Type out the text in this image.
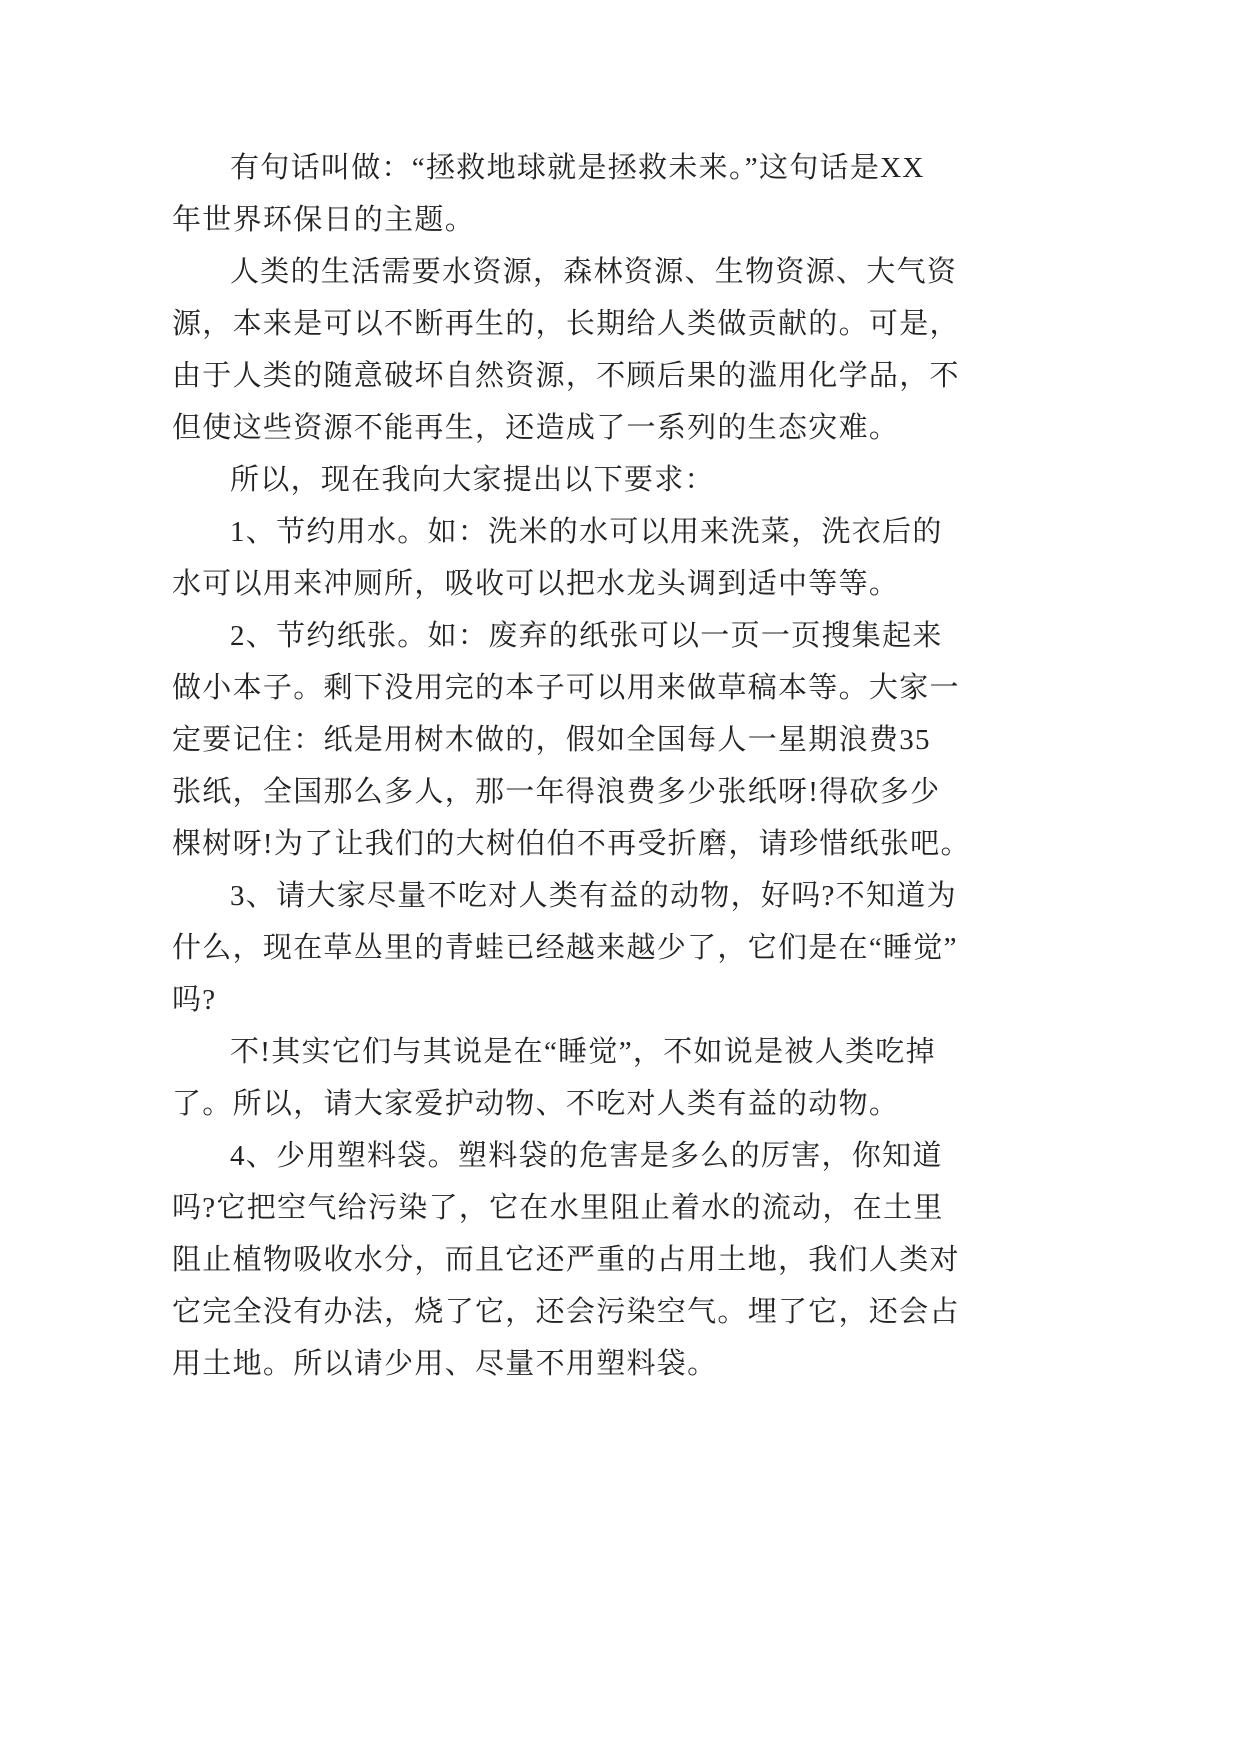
有句话叫做：“拯救地球就是拯救未来。”这句话是XX
年世界环保日的主题。
人类的生活需要水资源，森林资源、生物资源、大气资
源，本来是可以不断再生的，长期给人类做贡献的。可是，
由于人类的随意破坏自然资源，不顾后果的滥用化学品，不
但使这些资源不能再生，还造成了一系列的生态灾难。
所以，现在我向大家提出以下要求：
1、节约用水。如：洗米的水可以用来洗菜，洗衣后的
水可以用来冲厕所，吸收可以把水龙头调到适中等等。
2、节约纸张。如：废弃的纸张可以一页一页搜集起来
做小本子。剩下没用完的本子可以用来做草稿本等。大家一
定要记住：纸是用树木做的，假如全国每人一星期浪费35
张纸，全国那么多人，那一年得浪费多少张纸呀!得砍多少
棵树呀!为了让我们的大树伯伯不再受折磨，请珍惜纸张吧。
3、请大家尽量不吃对人类有益的动物，好吗?不知道为
什么，现在草丛里的青蛙已经越来越少了，它们是在“睡觉”
吗?
不!其实它们与其说是在“睡觉”，不如说是被人类吃掉
了。所以，请大家爱护动物、不吃对人类有益的动物。
4、少用塑料袋。塑料袋的危害是多么的厉害，你知道
吗?它把空气给污染了，它在水里阻止着水的流动，在土里
阻止植物吸收水分，而且它还严重的占用土地，我们人类对
它完全没有办法，烧了它，还会污染空气。埋了它，还会占
用土地。所以请少用、尽量不用塑料袋。
